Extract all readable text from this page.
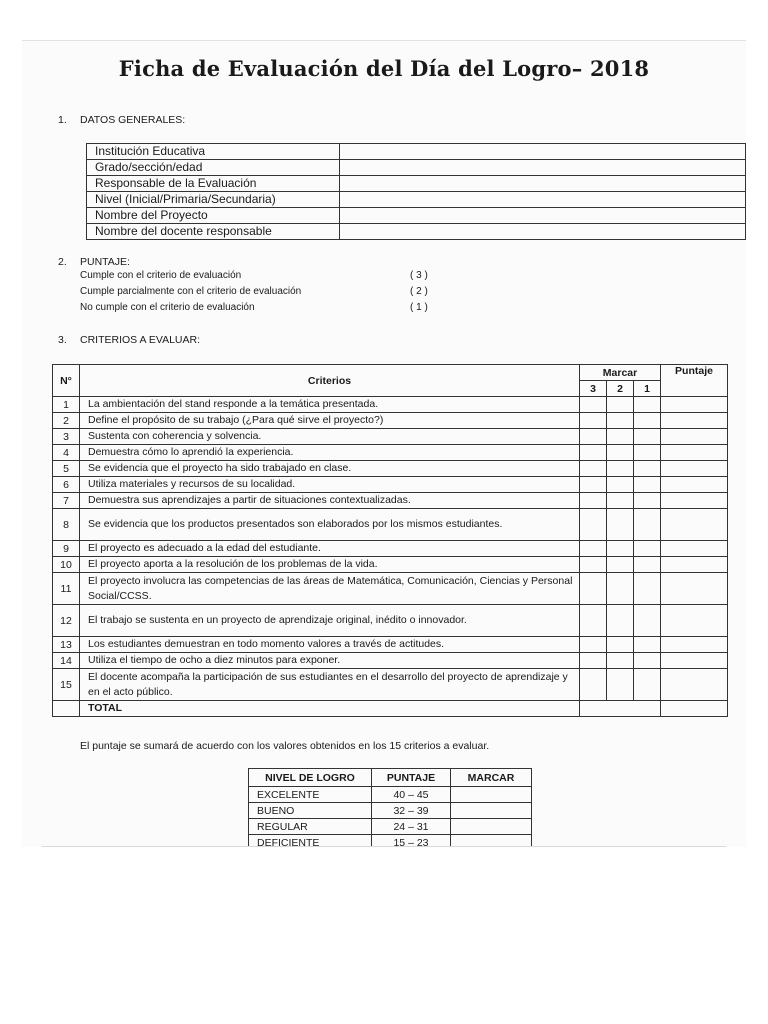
Ficha de Evaluación del Día del Logro– 2018
1. DATOS GENERALES:
Institución Educativa	
Grado/sección/edad	
Responsable de la Evaluación	
Nivel (Inicial/Primaria/Secundaria)	
Nombre del Proyecto	
Nombre del docente responsable	
2. PUNTAJE:
Cumple con el criterio de evaluación	( 3 )
Cumple parcialmente con el criterio de evaluación	( 2 )
No cumple con el criterio de evaluación	( 1 )
3. CRITERIOS A EVALUAR:
N°	Criterios	Marcar			Puntaje
		3	2	1	
1	La ambientación del stand responde a la temática presentada.				
2	Define el propósito de su trabajo (¿Para qué sirve el proyecto?)				
3	Sustenta con coherencia y solvencia.				
4	Demuestra cómo lo aprendió la experiencia.				
5	Se evidencia que el proyecto ha sido trabajado en clase.				
6	Utiliza materiales y recursos de su localidad.				
7	Demuestra sus aprendizajes a partir de situaciones contextualizadas.				
8	Se evidencia que los productos presentados son elaborados por los mismos estudiantes.				
9	El proyecto es adecuado a la edad del estudiante.				
10	El proyecto aporta a la resolución de los problemas de la vida.				
11	El proyecto involucra las competencias de las áreas de Matemática, Comunicación, Ciencias y Personal Social/CCSS.				
12	El trabajo se sustenta en un proyecto de aprendizaje original, inédito o innovador.				
13	Los estudiantes demuestran en todo momento valores a través de actitudes.				
14	Utiliza el tiempo de ocho a diez minutos para exponer.				
15	El docente acompaña la participación de sus estudiantes en el desarrollo del proyecto de aprendizaje y en el acto público.				
	TOTAL				
El puntaje se sumará de acuerdo con los valores obtenidos en los 15 criterios a evaluar.
NIVEL DE LOGRO	PUNTAJE	MARCAR
EXCELENTE	40 – 45	
BUENO	32 – 39	
REGULAR	24 – 31	
DEFICIENTE	15 – 23	
